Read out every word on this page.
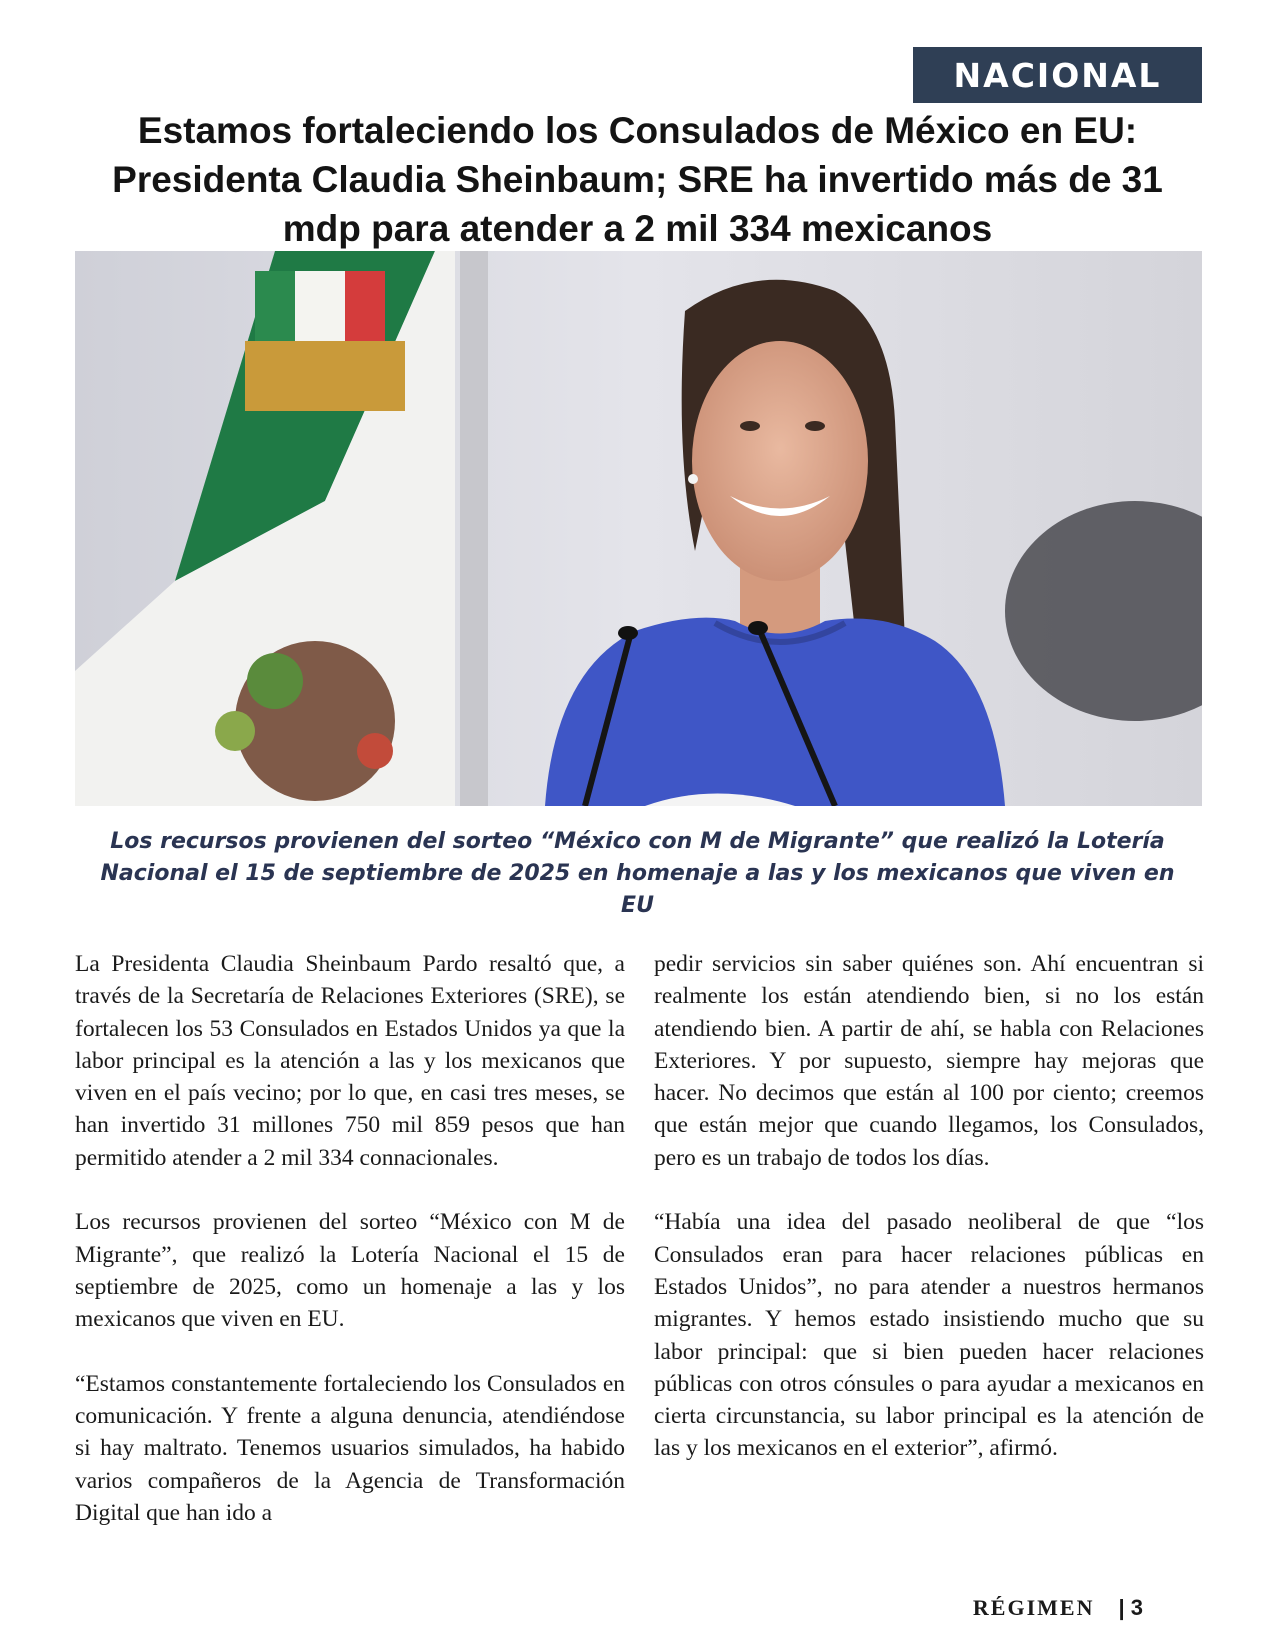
NACIONAL
Estamos fortaleciendo los Consulados de México en EU: Presidenta Claudia Sheinbaum; SRE ha invertido más de 31 mdp para atender a 2 mil 334 mexicanos

Los recursos provienen del sorteo “México con M de Migrante” que realizó la Lotería Nacional el 15 de septiembre de 2025 en homenaje a las y los mexicanos que viven en EU

La Presidenta Claudia Sheinbaum Pardo resaltó que, a través de la Secretaría de Relaciones Exteriores (SRE), se fortalecen los 53 Consulados en Estados Unidos ya que la labor principal es la atención a las y los mexicanos que viven en el país vecino; por lo que, en casi tres meses, se han invertido 31 millones 750 mil 859 pesos que han permitido atender a 2 mil 334 connacionales.

Los recursos provienen del sorteo “México con M de Migrante”, que realizó la Lotería Nacional el 15 de septiembre de 2025, como un homenaje a las y los mexicanos que viven en EU.

“Estamos constantemente fortaleciendo los Consulados en comunicación. Y frente a alguna denuncia, atendiéndose si hay maltrato. Tenemos usuarios simulados, ha habido varios compañeros de la Agencia de Transformación Digital que han ido a

pedir servicios sin saber quiénes son. Ahí encuentran si realmente los están atendiendo bien, si no los están atendiendo bien. A partir de ahí, se habla con Relaciones Exteriores. Y por supuesto, siempre hay mejoras que hacer. No decimos que están al 100 por ciento; creemos que están mejor que cuando llegamos, los Consulados, pero es un trabajo de todos los días.

“Había una idea del pasado neoliberal de que “los Consulados eran para hacer relaciones públicas en Estados Unidos”, no para atender a nuestros hermanos migrantes. Y hemos estado insistiendo mucho que su labor principal: que si bien pueden hacer relaciones públicas con otros cónsules o para ayudar a mexicanos en cierta circunstancia, su labor principal es la atención de las y los mexicanos en el exterior”, afirmó.

RÉGIMEN | 3
